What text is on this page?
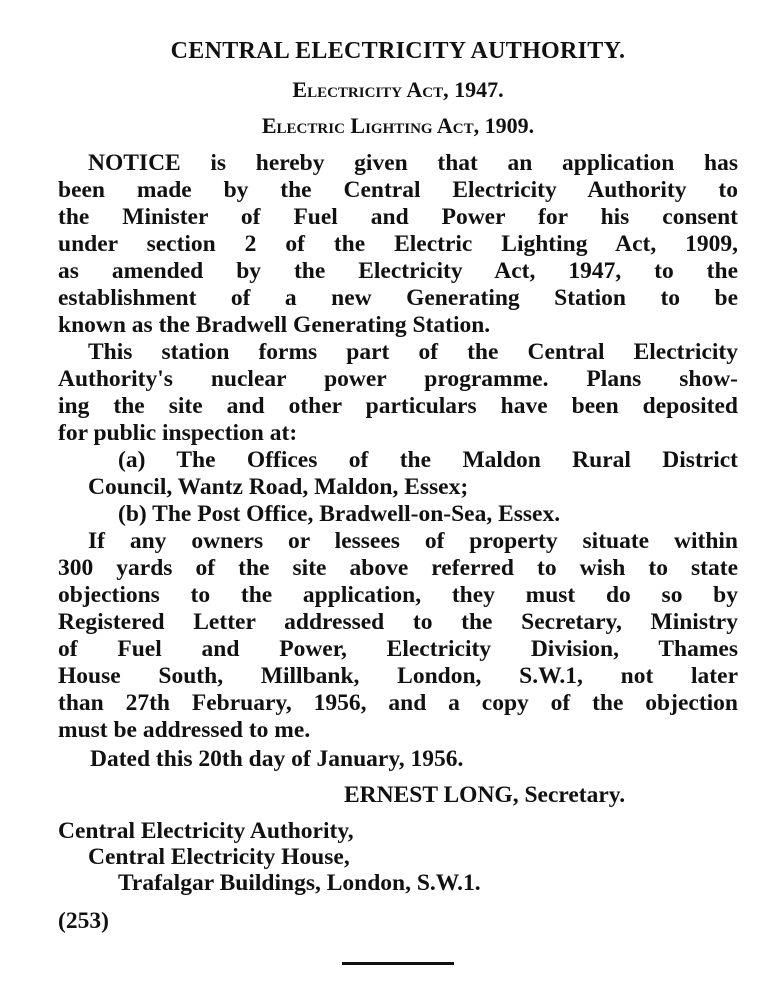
CENTRAL ELECTRICITY AUTHORITY.
Electricity Act, 1947.
Electric Lighting Act, 1909.
NOTICE is hereby given that an application has
been made by the Central Electricity Authority to
the Minister of Fuel and Power for his consent
under section 2 of the Electric Lighting Act, 1909,
as amended by the Electricity Act, 1947, to the
establishment of a new Generating Station to be
known as the Bradwell Generating Station.
This station forms part of the Central Electricity
Authority's nuclear power programme. Plans show-
ing the site and other particulars have been deposited
for public inspection at:
(a) The Offices of the Maldon Rural District
Council, Wantz Road, Maldon, Essex;
(b) The Post Office, Bradwell-on-Sea, Essex.
If any owners or lessees of property situate within
300 yards of the site above referred to wish to state
objections to the application, they must do so by
Registered Letter addressed to the Secretary, Ministry
of Fuel and Power, Electricity Division, Thames
House South, Millbank, London, S.W.1, not later
than 27th February, 1956, and a copy of the objection
must be addressed to me.
Dated this 20th day of January, 1956.
ERNEST LONG, Secretary.
Central Electricity Authority,
Central Electricity House,
Trafalgar Buildings, London, S.W.1.
(253)
